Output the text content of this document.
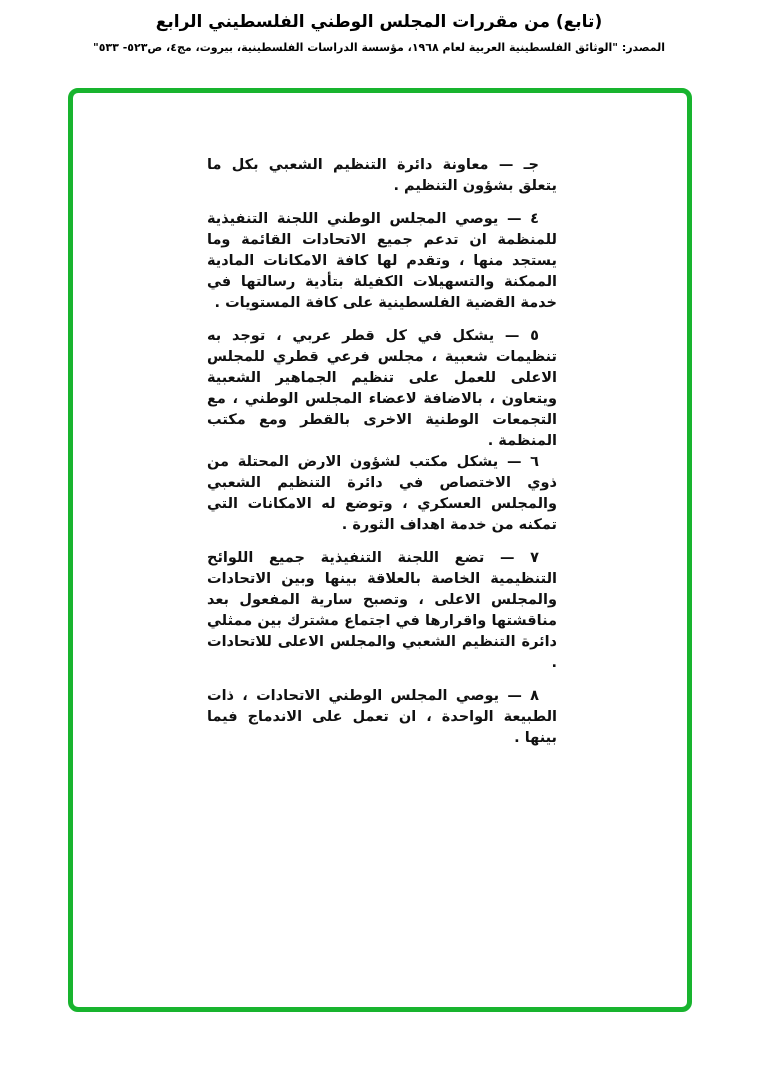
(تابع) من مقررات المجلس الوطني الفلسطيني الرابع
المصدر: "الوثائق الفلسطينية العربية لعام ١٩٦٨، مؤسسة الدراسات الفلسطينية، بيروت، مج٤، ص٥٢٣- ٥٣٣"

جـ — معاونة دائرة التنظيم الشعبي بكل ما يتعلق بشؤون التنظيم .

٤ — يوصي المجلس الوطني اللجنة التنفيذية للمنظمة ان تدعم جميع الاتحادات القائمة وما يستجد منها ، وتقدم لها كافة الامكانات المادية الممكنة والتسهيلات الكفيلة بتأدية رسالتها في خدمة القضية الفلسطينية على كافة المستويات .

٥ — يشكل في كل قطر عربي ، توجد به تنظيمات شعبية ، مجلس فرعي قطري للمجلس الاعلى للعمل على تنظيم الجماهير الشعبية ويتعاون ، بالاضافة لاعضاء المجلس الوطني ، مع التجمعات الوطنية الاخرى بالقطر ومع مكتب المنظمة .

٦ — يشكل مكتب لشؤون الارض المحتلة من ذوي الاختصاص في دائرة التنظيم الشعبي والمجلس العسكري ، وتوضع له الامكانات التي تمكنه من خدمة اهداف الثورة .

٧ — تضع اللجنة التنفيذية جميع اللوائح التنظيمية الخاصة بالعلاقة بينها وبين الاتحادات والمجلس الاعلى ، وتصبح سارية المفعول بعد مناقشتها واقرارها في اجتماع مشترك بين ممثلي دائرة التنظيم الشعبي والمجلس الاعلى للاتحادات .

٨ — يوصي المجلس الوطني الاتحادات ، ذات الطبيعة الواحدة ، ان تعمل على الاندماج فيما بينها .
